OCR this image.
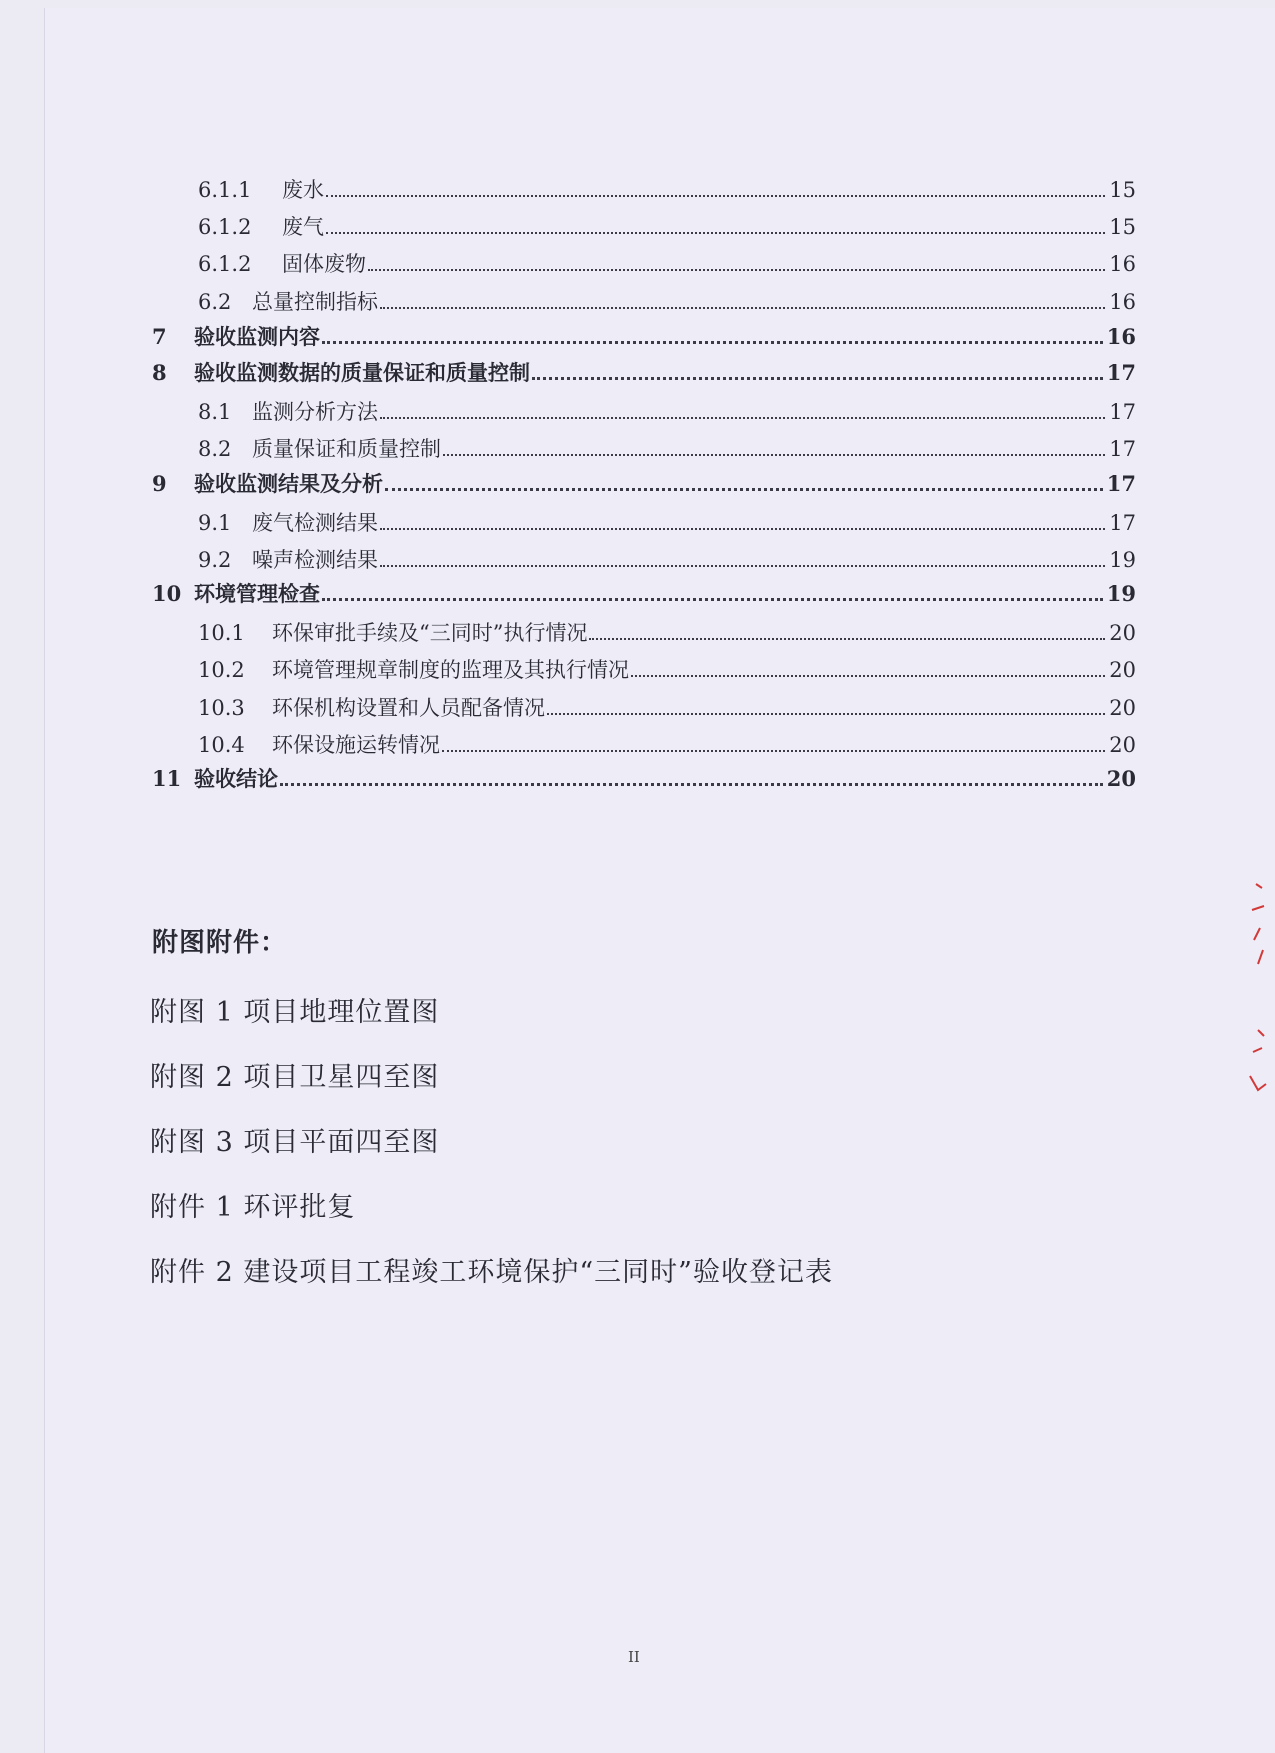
6.1.1	废水	15
6.1.2	废气	15
6.1.2	固体废物	16
6.2 总量控制指标	16
7	验收监测内容	16
8	验收监测数据的质量保证和质量控制	17
8.1 监测分析方法	17
8.2 质量保证和质量控制	17
9	验收监测结果及分析	17
9.1 废气检测结果	17
9.2 噪声检测结果	19
10 环境管理检查	19
10.1	环保审批手续及“三同时”执行情况	20
10.2	环境管理规章制度的监理及其执行情况	20
10.3	环保机构设置和人员配备情况	20
10.4	环保设施运转情况	20
11 验收结论	20
附图附件：
附图 1 项目地理位置图
附图 2 项目卫星四至图
附图 3 项目平面四至图
附件 1 环评批复
附件 2 建设项目工程竣工环境保护“三同时”验收登记表
II
